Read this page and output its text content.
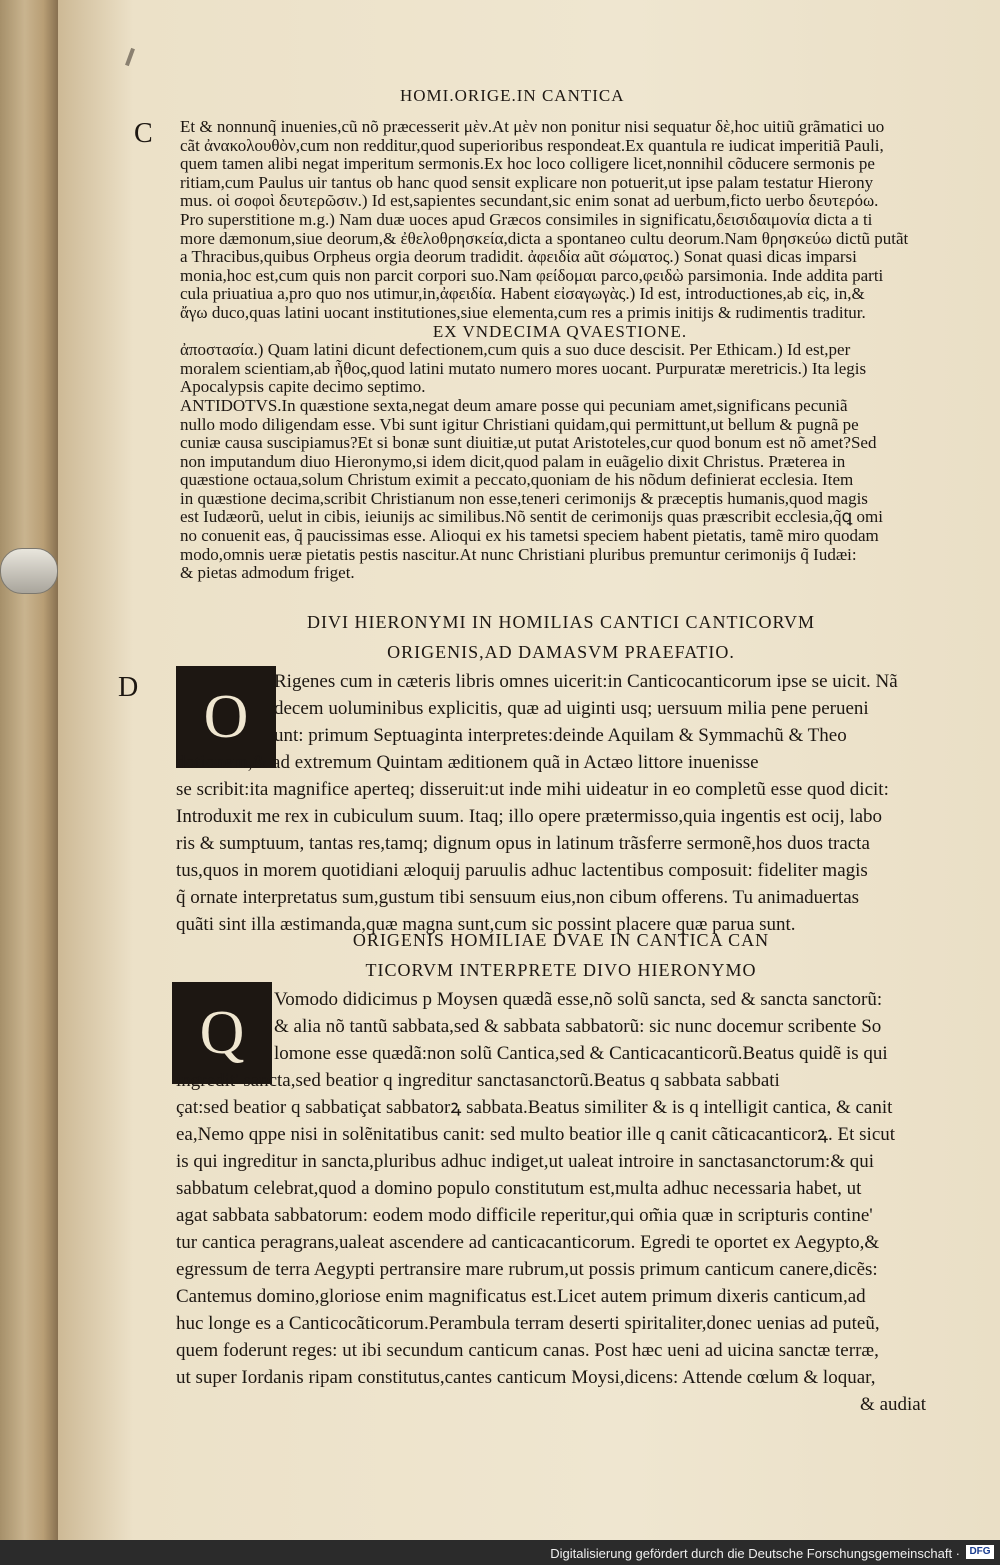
HOMI.ORIGE.IN CANTICA
C
D

Et & nonnunq̃ inuenies,cũ nõ præcesserit μὲν.At μὲν non ponitur nisi sequatur δὲ,hoc uitiũ grãmatici uo

cãt ἀνακολουθὸν,cum non redditur,quod superioribus respondeat.Ex quantula re iudicat imperitiã Pauli,

quem tamen alibi negat imperitum sermonis.Ex hoc loco colligere licet,nonnihil cõducere sermonis pe

ritiam,cum Paulus uir tantus ob hanc quod sensit explicare non potuerit,ut ipse palam testatur Hierony

mus. οἱ σοφοὶ δευτερῶσιν.) Id est,sapientes secundant,sic enim sonat ad uerbum,ficto uerbo δευτερόω.

Pro superstitione m.g.) Nam duæ uoces apud Græcos consimiles in significatu,δεισιδαιμονία dicta a ti

more dæmonum,siue deorum,& ἐθελοθρησκεία,dicta a spontaneo cultu deorum.Nam θρησκεύω dictũ putãt

a Thracibus,quibus Orpheus orgia deorum tradidit. ἀφειδία aũt σώματος.) Sonat quasi dicas imparsi

monia,hoc est,cum quis non parcit corpori suo.Nam φείδομαι parco,φειδὼ parsimonia. Inde addita parti

cula priuatiua a,pro quo nos utimur,in,ἀφειδία. Habent εἰσαγωγὰς.) Id est, introductiones,ab εἰς, in,&

ἄγω duco,quas latini uocant institutiones,siue elementa,cum res a primis initijs & rudimentis traditur.

EX VNDECIMA QVAESTIONE.

ἀποστασία.) Quam latini dicunt defectionem,cum quis a suo duce descisit. Per Ethicam.) Id est,per

moralem scientiam,ab ἦθος,quod latini mutato numero mores uocant. Purpuratæ meretricis.) Ita legis

Apocalypsis capite decimo septimo.

ANTIDOTVS.In quæstione sexta,negat deum amare posse qui pecuniam amet,significans pecuniã

nullo modo diligendam esse. Vbi sunt igitur Christiani quidam,qui permittunt,ut bellum & pugnã pe

cuniæ causa suscipiamus?Et si bonæ sunt diuitiæ,ut putat Aristoteles,cur quod bonum est nõ amet?Sed

non imputandum diuo Hieronymo,si idem dicit,quod palam in euãgelio dixit Christus. Præterea in

quæstione octaua,solum Christum eximit a peccato,quoniam de his nõdum definierat ecclesia. Item

in quæstione decima,scribit Christianum non esse,teneri cerimonijs & præceptis humanis,quod magis

est Iudæorũ, uelut in cibis, ieiunijs ac similibus.Nõ sentit de cerimonijs quas præscribit ecclesia,q̃ꝗ omi

no conuenit eas, q̃ paucissimas esse. Alioqui ex his tametsi speciem habent pietatis, tamẽ miro quodam

modo,omnis ueræ pietatis pestis nascitur.At nunc Christiani pluribus premuntur cerimonijs q̃ Iudæi:

& pietas admodum friget.

DIVI HIERONYMI IN HOMILIAS CANTICI CANTICORVM
ORIGENIS,AD DAMASVM PRAEFATIO.
O
Rigenes cum in cæteris libris omnes uicerit:in Canticocanticorum ipse se uicit. Nã
decem uoluminibus explicitis, quæ ad uiginti usq; uersuum milia pene perueni
unt: primum Septuaginta interpretes:deinde Aquilam & Symmachũ & Theo
dotionem,& ad extremum Quintam æditionem quã in Actæo littore inuenisse
se scribit:ita magnifice aperteq; disseruit:ut inde mihi uideatur in eo completũ esse quod dicit:
Introduxit me rex in cubiculum suum. Itaq; illo opere prætermisso,quia ingentis est ocij, labo
ris & sumptuum, tantas res,tamq; dignum opus in latinum trãsferre sermonẽ,hos duos tracta
tus,quos in morem quotidiani æloquij paruulis adhuc lactentibus composuit: fideliter magis
q̃ ornate interpretatus sum,gustum tibi sensuum eius,non cibum offerens. Tu animaduertas
quãti sint illa æstimanda,quæ magna sunt,cum sic possint placere quæ parua sunt.
ORIGENIS HOMILIAE DVAE IN CANTICA CAN
TICORVM INTERPRETE DIVO HIERONYMO
Q	Vomodo didicimus p Moysen quædã esse,nõ solũ sancta, sed & sancta sanctorũ:
& alia nõ tantũ sabbata,sed & sabbata sabbatorũ: sic nunc docemur scribente So
lomone esse quædã:non solũ Cantica,sed & Canticacanticorũ.Beatus quidẽ is qui
ingredit' sancta,sed beatior q ingreditur sanctasanctorũ.Beatus q sabbata sabbati
çat:sed beatior q sabbatiçat sabbatorꝝ sabbata.Beatus similiter & is q intelligit cantica, & canit
ea,Nemo qppe nisi in solẽnitatibus canit: sed multo beatior ille q canit cãticacanticorꝝ. Et sicut
is qui ingreditur in sancta,pluribus adhuc indiget,ut ualeat introire in sanctasanctorum:& qui
sabbatum celebrat,quod a domino populo constitutum est,multa adhuc necessaria habet, ut
agat sabbata sabbatorum: eodem modo difficile reperitur,qui om̃ia quæ in scripturis contine'
tur cantica peragrans,ualeat ascendere ad canticacanticorum. Egredi te oportet ex Aegypto,&
egressum de terra Aegypti pertransire mare rubrum,ut possis primum canticum canere,dicẽs:
Cantemus domino,gloriose enim magnificatus est.Licet autem primum dixeris canticum,ad
huc longe es a Canticocãticorum.Perambula terram deserti spiritaliter,donec uenias ad puteũ,
quem foderunt reges: ut ibi secundum canticum canas. Post hæc ueni ad uicina sanctæ terræ,
ut super Iordanis ripam constitutus,cantes canticum Moysi,dicens: Attende cœlum & loquar,
& audiat
Digitalisierung gefördert durch die Deutsche Forschungsgemeinschaft · DFG
